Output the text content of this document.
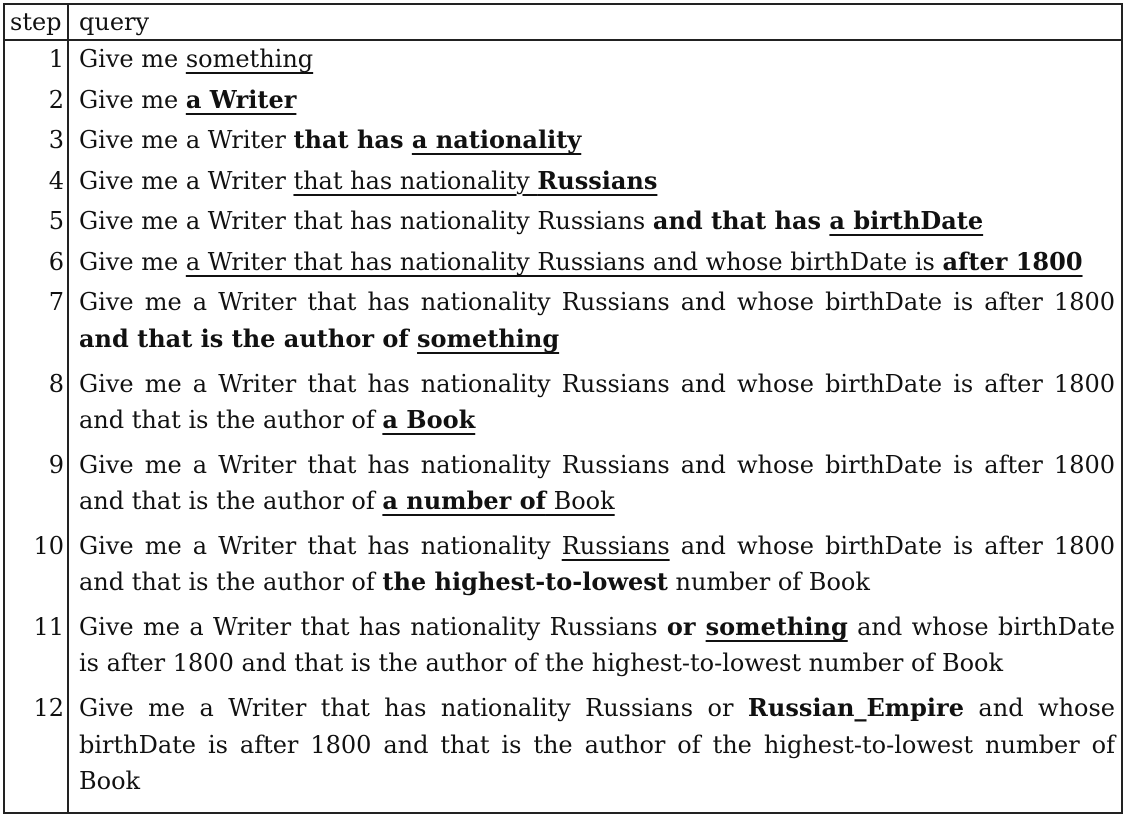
step	query
1	Give me something
2	Give me a Writer
3	Give me a Writer that has a nationality
4	Give me a Writer that has nationality Russians
5	Give me a Writer that has nationality Russians and that has a birthDate
6	Give me a Writer that has nationality Russians and whose birthDate is after 1800
7	Give me a Writer that has nationality Russians and whose birthDate is after 1800 and that is the author of something
8	Give me a Writer that has nationality Russians and whose birthDate is after 1800 and that is the author of a Book
9	Give me a Writer that has nationality Russians and whose birthDate is after 1800 and that is the author of a number of Book
10	Give me a Writer that has nationality Russians and whose birthDate is after 1800 and that is the author of the highest-to-lowest number of Book
11	Give me a Writer that has nationality Russians or something and whose birthDate is after 1800 and that is the author of the highest-to-lowest number of Book
12	Give me a Writer that has nationality Russians or Russian_Empire and whose birthDate is after 1800 and that is the author of the highest-to-lowest number of Book
